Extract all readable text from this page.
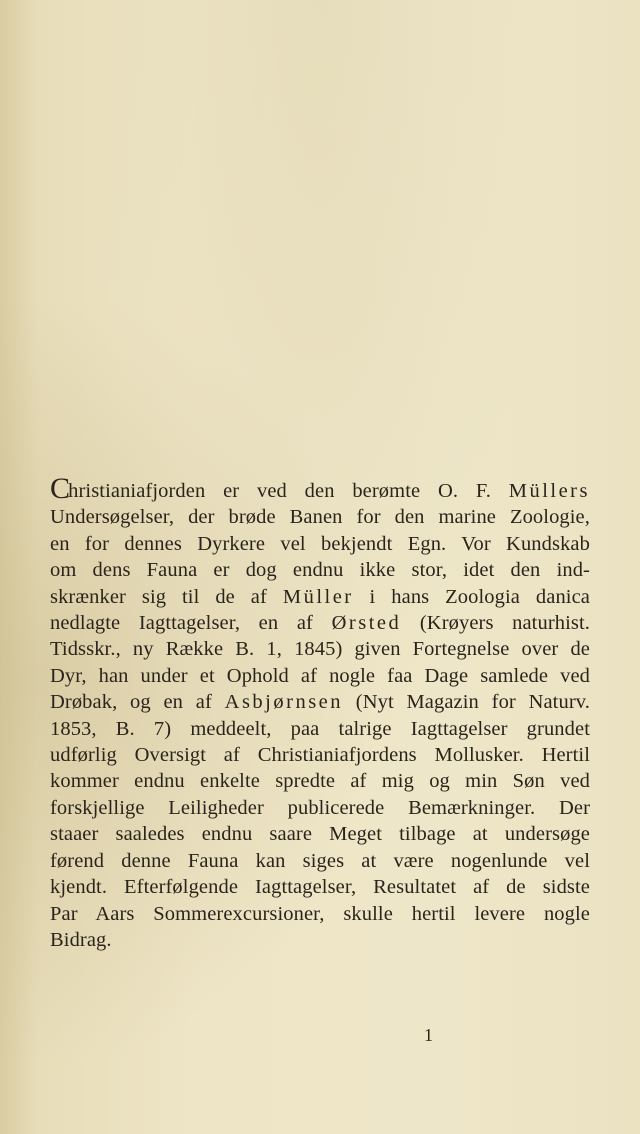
Christianiafjorden er ved den berømte O. F. Müllers
Undersøgelser, der brøde Banen for den marine Zoologie,
en for dennes Dyrkere vel bekjendt Egn. Vor Kundskab
om dens Fauna er dog endnu ikke stor, idet den ind-
skrænker sig til de af Müller i hans Zoologia danica
nedlagte Iagttagelser, en af Ørsted (Krøyers naturhist.
Tidsskr., ny Række B. 1, 1845) given Fortegnelse over de
Dyr, han under et Ophold af nogle faa Dage samlede ved
Drøbak, og en af Asbjørnsen (Nyt Magazin for Naturv.
1853, B. 7) meddeelt, paa talrige Iagttagelser grundet
udførlig Oversigt af Christianiafjordens Mollusker. Hertil
kommer endnu enkelte spredte af mig og min Søn ved
forskjellige Leiligheder publicerede Bemærkninger. Der
staaer saaledes endnu saare Meget tilbage at undersøge
førend denne Fauna kan siges at være nogenlunde vel
kjendt. Efterfølgende Iagttagelser, Resultatet af de sidste
Par Aars Sommerexcursioner, skulle hertil levere nogle
Bidrag.
1
